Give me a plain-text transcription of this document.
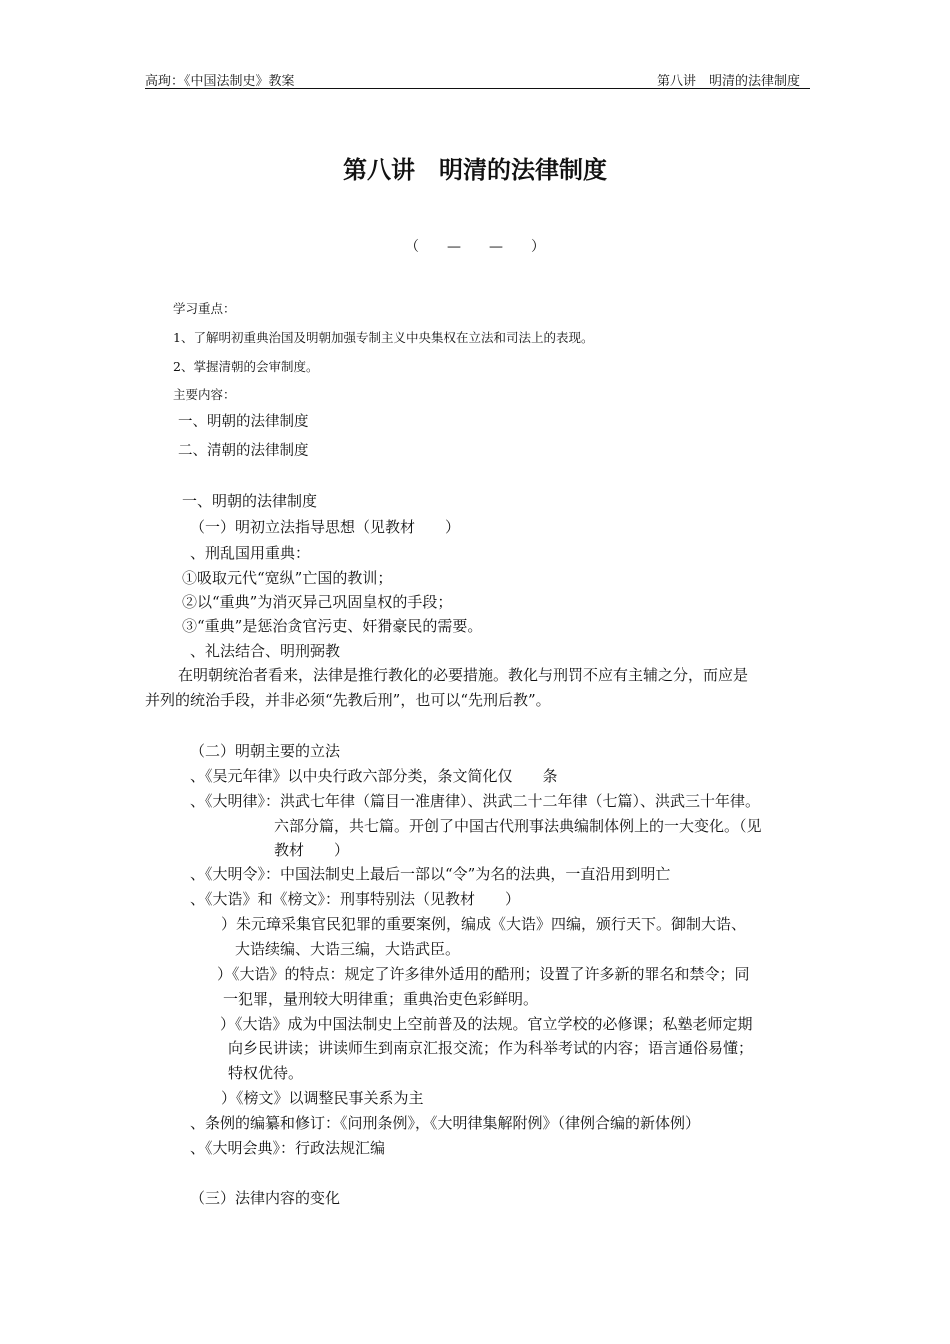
高珣：《中国法制史》教案	第八讲　明清的法律制度
第八讲　明清的法律制度
（　　—　　—　　）
学习重点：
1、了解明初重典治国及明朝加强专制主义中央集权在立法和司法上的表现。
2、掌握清朝的会审制度。
主要内容：
一、明朝的法律制度
二、清朝的法律制度
一、明朝的法律制度
（一）明初立法指导思想（见教材　　）
、刑乱国用重典：
①吸取元代“宽纵”亡国的教训；
②以“重典”为消灭异己巩固皇权的手段；
③“重典”是惩治贪官污吏、奸猾豪民的需要。
、礼法结合、明刑弼教
在明朝统治者看来，法律是推行教化的必要措施。教化与刑罚不应有主辅之分，而应是
并列的统治手段，并非必须“先教后刑”，也可以“先刑后教”。
（二）明朝主要的立法
、《吴元年律》以中央行政六部分类，条文简化仅　　条
、《大明律》：洪武七年律（篇目一准唐律）、洪武二十二年律（七篇）、洪武三十年律。
六部分篇，共七篇。开创了中国古代刑事法典编制体例上的一大变化。（见
教材　　）
、《大明令》：中国法制史上最后一部以“令”为名的法典，一直沿用到明亡
、《大诰》和《榜文》：刑事特别法（见教材　　）
）朱元璋采集官民犯罪的重要案例，编成《大诰》四编，颁行天下。御制大诰、
大诰续编、大诰三编，大诰武臣。
）《大诰》的特点：规定了许多律外适用的酷刑；设置了许多新的罪名和禁令；同
一犯罪，量刑较大明律重；重典治吏色彩鲜明。
）《大诰》成为中国法制史上空前普及的法规。官立学校的必修课；私塾老师定期
向乡民讲读；讲读师生到南京汇报交流；作为科举考试的内容；语言通俗易懂；
特权优待。
）《榜文》以调整民事关系为主
、条例的编纂和修订：《问刑条例》，《大明律集解附例》（律例合编的新体例）
、《大明会典》：行政法规汇编
（三）法律内容的变化
